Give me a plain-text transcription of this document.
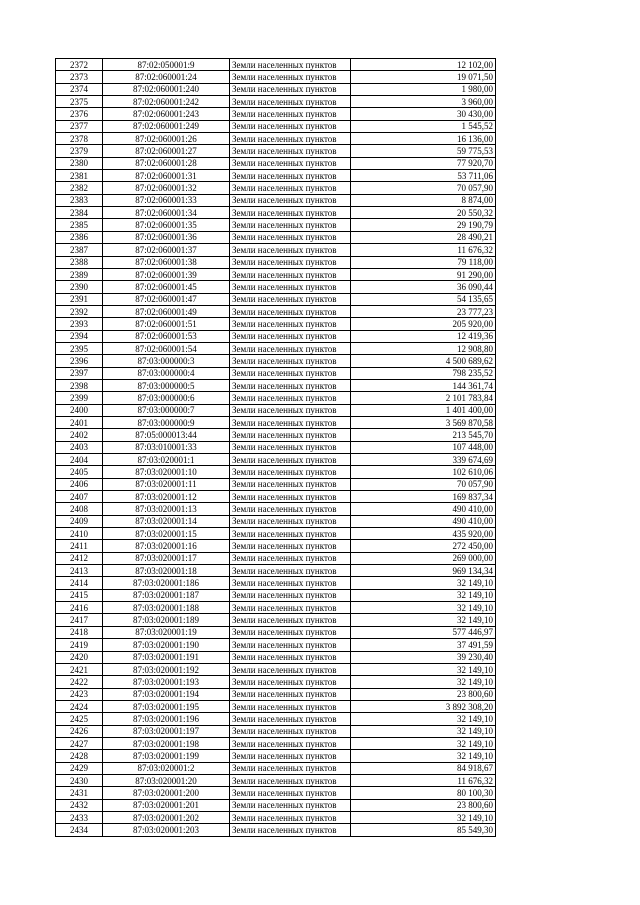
2372	87:02:050001:9	Земли населенных пунктов	12 102,00
2373	87:02:060001:24	Земли населенных пунктов	19 071,50
2374	87:02:060001:240	Земли населенных пунктов	1 980,00
2375	87:02:060001:242	Земли населенных пунктов	3 960,00
2376	87:02:060001:243	Земли населенных пунктов	30 430,00
2377	87:02:060001:249	Земли населенных пунктов	1 545,52
2378	87:02:060001:26	Земли населенных пунктов	16 136,00
2379	87:02:060001:27	Земли населенных пунктов	59 775,53
2380	87:02:060001:28	Земли населенных пунктов	77 920,70
2381	87:02:060001:31	Земли населенных пунктов	53 711,06
2382	87:02:060001:32	Земли населенных пунктов	70 057,90
2383	87:02:060001:33	Земли населенных пунктов	8 874,00
2384	87:02:060001:34	Земли населенных пунктов	20 550,32
2385	87:02:060001:35	Земли населенных пунктов	29 190,79
2386	87:02:060001:36	Земли населенных пунктов	28 490,21
2387	87:02:060001:37	Земли населенных пунктов	11 676,32
2388	87:02:060001:38	Земли населенных пунктов	79 118,00
2389	87:02:060001:39	Земли населенных пунктов	91 290,00
2390	87:02:060001:45	Земли населенных пунктов	36 090,44
2391	87:02:060001:47	Земли населенных пунктов	54 135,65
2392	87:02:060001:49	Земли населенных пунктов	23 777,23
2393	87:02:060001:51	Земли населенных пунктов	205 920,00
2394	87:02:060001:53	Земли населенных пунктов	12 419,36
2395	87:02:060001:54	Земли населенных пунктов	12 908,80
2396	87:03:000000:3	Земли населенных пунктов	4 500 689,62
2397	87:03:000000:4	Земли населенных пунктов	798 235,52
2398	87:03:000000:5	Земли населенных пунктов	144 361,74
2399	87:03:000000:6	Земли населенных пунктов	2 101 783,84
2400	87:03:000000:7	Земли населенных пунктов	1 401 400,00
2401	87:03:000000:9	Земли населенных пунктов	3 569 870,58
2402	87:05:000013:44	Земли населенных пунктов	213 545,70
2403	87:03:010001:33	Земли населенных пунктов	107 448,00
2404	87:03:020001:1	Земли населенных пунктов	339 674,69
2405	87:03:020001:10	Земли населенных пунктов	102 610,06
2406	87:03:020001:11	Земли населенных пунктов	70 057,90
2407	87:03:020001:12	Земли населенных пунктов	169 837,34
2408	87:03:020001:13	Земли населенных пунктов	490 410,00
2409	87:03:020001:14	Земли населенных пунктов	490 410,00
2410	87:03:020001:15	Земли населенных пунктов	435 920,00
2411	87:03:020001:16	Земли населенных пунктов	272 450,00
2412	87:03:020001:17	Земли населенных пунктов	269 000,00
2413	87:03:020001:18	Земли населенных пунктов	969 134,34
2414	87:03:020001:186	Земли населенных пунктов	32 149,10
2415	87:03:020001:187	Земли населенных пунктов	32 149,10
2416	87:03:020001:188	Земли населенных пунктов	32 149,10
2417	87:03:020001:189	Земли населенных пунктов	32 149,10
2418	87:03:020001:19	Земли населенных пунктов	577 446,97
2419	87:03:020001:190	Земли населенных пунктов	37 491,59
2420	87:03:020001:191	Земли населенных пунктов	39 230,40
2421	87:03:020001:192	Земли населенных пунктов	32 149,10
2422	87:03:020001:193	Земли населенных пунктов	32 149,10
2423	87:03:020001:194	Земли населенных пунктов	23 800,60
2424	87:03:020001:195	Земли населенных пунктов	3 892 308,20
2425	87:03:020001:196	Земли населенных пунктов	32 149,10
2426	87:03:020001:197	Земли населенных пунктов	32 149,10
2427	87:03:020001:198	Земли населенных пунктов	32 149,10
2428	87:03:020001:199	Земли населенных пунктов	32 149,10
2429	87:03:020001:2	Земли населенных пунктов	84 918,67
2430	87:03:020001:20	Земли населенных пунктов	11 676,32
2431	87:03:020001:200	Земли населенных пунктов	80 100,30
2432	87:03:020001:201	Земли населенных пунктов	23 800,60
2433	87:03:020001:202	Земли населенных пунктов	32 149,10
2434	87:03:020001:203	Земли населенных пунктов	85 549,30
